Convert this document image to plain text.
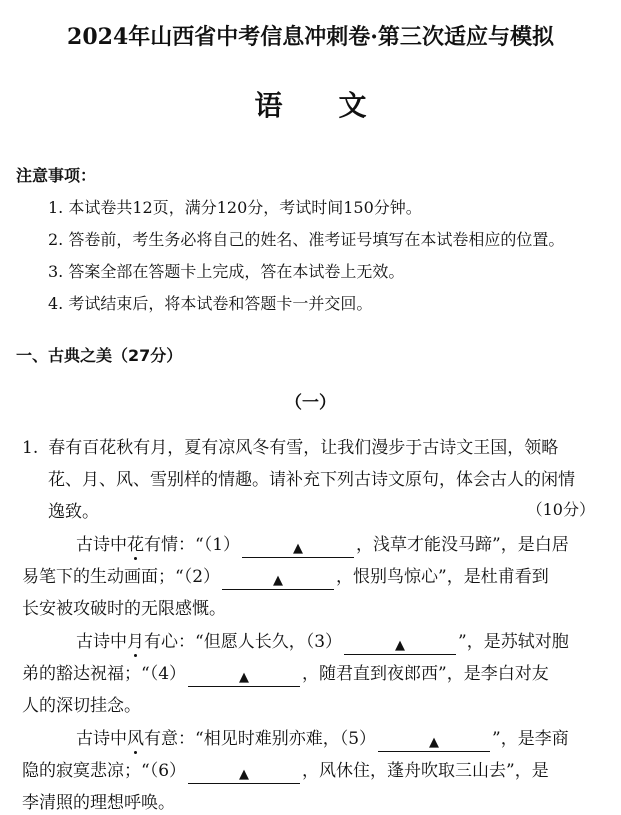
2024年山西省中考信息冲刺卷·第三次适应与模拟
语文
注意事项：
1. 本试卷共12页，满分120分，考试时间150分钟。
2. 答卷前，考生务必将自己的姓名、准考证号填写在本试卷相应的位置。
3. 答案全部在答题卡上完成，答在本试卷上无效。
4. 考试结束后，将本试卷和答题卡一并交回。
一、古典之美（27分）
（一）
1. 春有百花秋有月，夏有凉风冬有雪，让我们漫步于古诗文王国，领略
花、月、风、雪别样的情趣。请补充下列古诗文原句，体会古人的闲情
逸致。	（10分）
古诗中花有情：“（1）	▲	，浅草才能没马蹄”，是白居
易笔下的生动画面；“（2）	▲	，恨别鸟惊心”，是杜甫看到
长安被攻破时的无限感慨。
古诗中月有心：“但愿人长久，（3）	▲	”，是苏轼对胞
弟的豁达祝福；“（4）	▲	，随君直到夜郎西”，是李白对友
人的深切挂念。
古诗中风有意：“相见时难别亦难，（5）	▲	”，是李商
隐的寂寞悲凉；“（6）	▲	，风休住，蓬舟吹取三山去”，是
李清照的理想呼唤。
